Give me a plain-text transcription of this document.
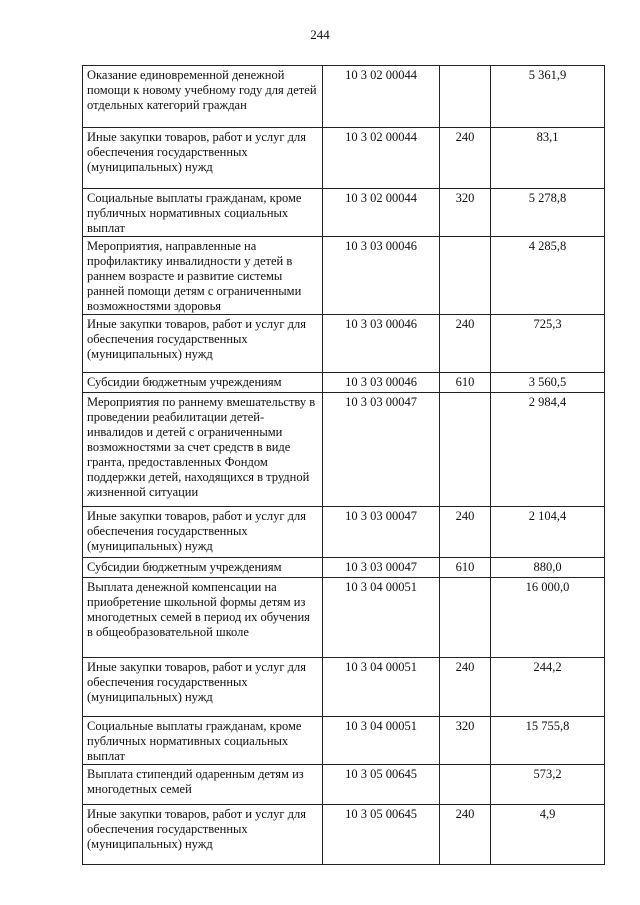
244
Оказание единовременной денежной помощи к новому учебному году для детей отдельных категорий граждан	10 3 02 00044		5 361,9
Иные закупки товаров, работ и услуг для обеспечения государственных (муниципальных) нужд	10 3 02 00044	240	83,1
Социальные выплаты гражданам, кроме публичных нормативных социальных выплат	10 3 02 00044	320	5 278,8
Мероприятия, направленные на профилактику инвалидности у детей в раннем возрасте и развитие системы ранней помощи детям с ограниченными возможностями здоровья	10 3 03 00046		4 285,8
Иные закупки товаров, работ и услуг для обеспечения государственных (муниципальных) нужд	10 3 03 00046	240	725,3
Субсидии бюджетным учреждениям	10 3 03 00046	610	3 560,5
Мероприятия по раннему вмешательству в проведении реабилитации детей-инвалидов и детей с ограниченными возможностями за счет средств в виде гранта, предоставленных Фондом поддержки детей, находящихся в трудной жизненной ситуации	10 3 03 00047		2 984,4
Иные закупки товаров, работ и услуг для обеспечения государственных (муниципальных) нужд	10 3 03 00047	240	2 104,4
Субсидии бюджетным учреждениям	10 3 03 00047	610	880,0
Выплата денежной компенсации на приобретение школьной формы детям из многодетных семей в период их обучения в общеобразовательной школе	10 3 04 00051		16 000,0
Иные закупки товаров, работ и услуг для обеспечения государственных (муниципальных) нужд	10 3 04 00051	240	244,2
Социальные выплаты гражданам, кроме публичных нормативных социальных выплат	10 3 04 00051	320	15 755,8
Выплата стипендий одаренным детям из многодетных семей	10 3 05 00645		573,2
Иные закупки товаров, работ и услуг для обеспечения государственных (муниципальных) нужд	10 3 05 00645	240	4,9
